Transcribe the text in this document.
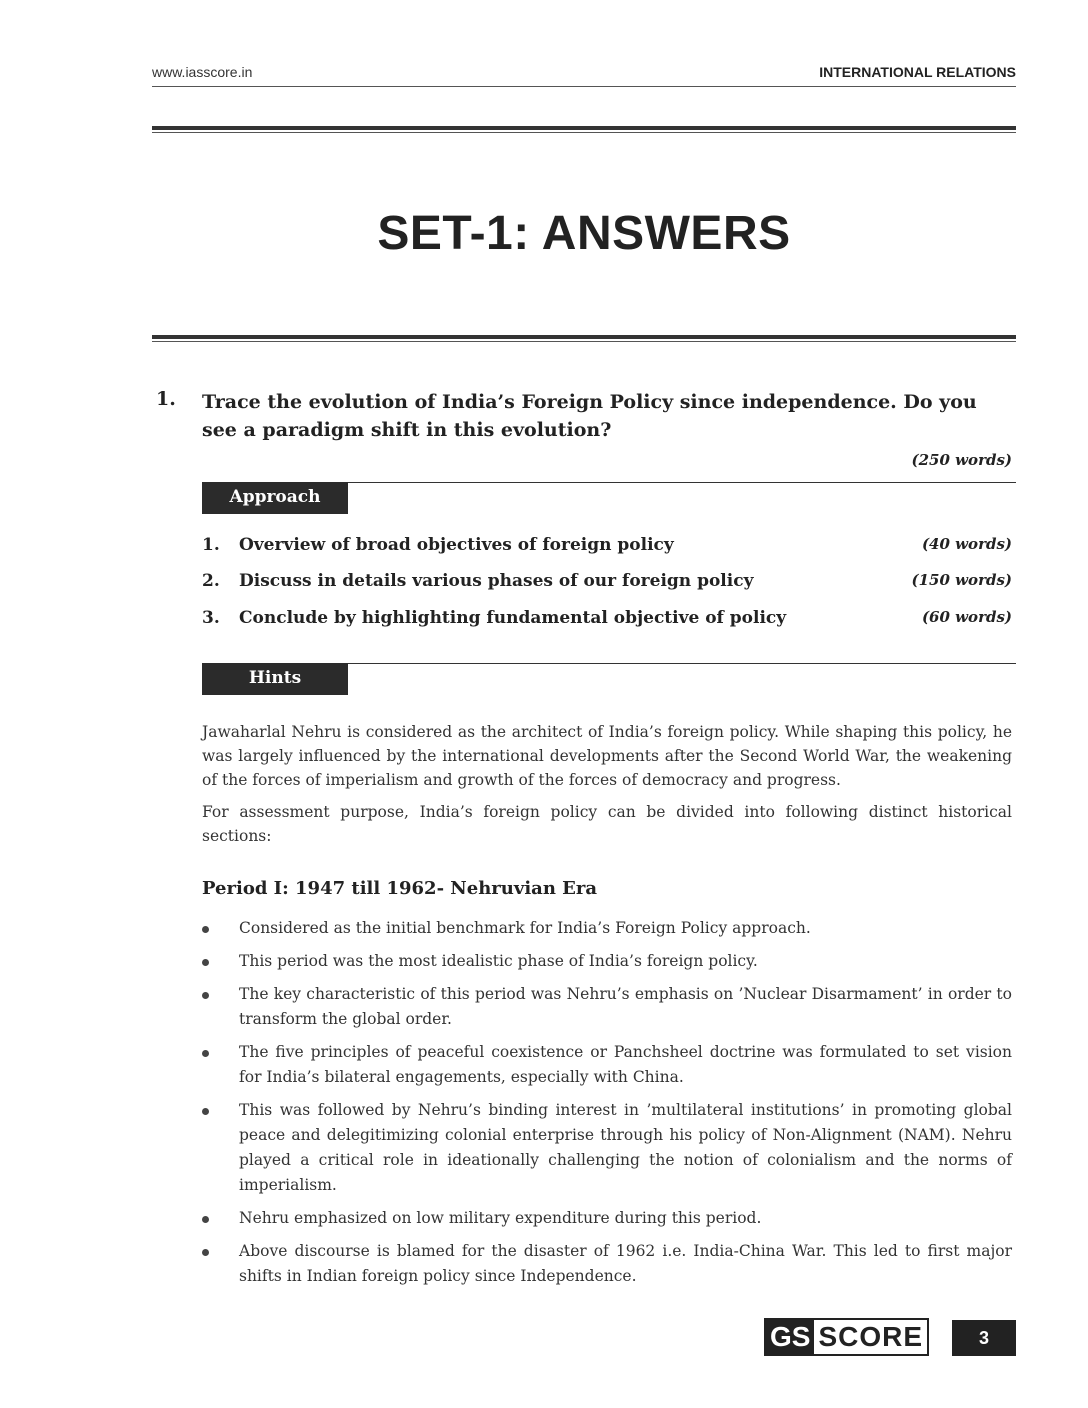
www.iasscore.in	INTERNATIONAL RELATIONS
SET-1: ANSWERS
1. Trace the evolution of India’s Foreign Policy since independence. Do you see a paradigm shift in this evolution?
(250 words)
Approach
1. Overview of broad objectives of foreign policy	(40 words)
2. Discuss in details various phases of our foreign policy	(150 words)
3. Conclude by highlighting fundamental objective of policy	(60 words)
Hints
Jawaharlal Nehru is considered as the architect of India’s foreign policy. While shaping this policy, he was largely influenced by the international developments after the Second World War, the weakening of the forces of imperialism and growth of the forces of democracy and progress.
For assessment purpose, India’s foreign policy can be divided into following distinct historical sections:
Period I: 1947 till 1962- Nehruvian Era
Considered as the initial benchmark for India’s Foreign Policy approach.
This period was the most idealistic phase of India’s foreign policy.
The key characteristic of this period was Nehru’s emphasis on ’Nuclear Disarmament’ in order to transform the global order.
The five principles of peaceful coexistence or Panchsheel doctrine was formulated to set vision for India’s bilateral engagements, especially with China.
This was followed by Nehru’s binding interest in ’multilateral institutions’ in promoting global peace and delegitimizing colonial enterprise through his policy of Non-Alignment (NAM). Nehru played a critical role in ideationally challenging the notion of colonialism and the norms of imperialism.
Nehru emphasized on low military expenditure during this period.
Above discourse is blamed for the disaster of 1962 i.e. India-China War. This led to first major shifts in Indian foreign policy since Independence.
GS SCORE	3
